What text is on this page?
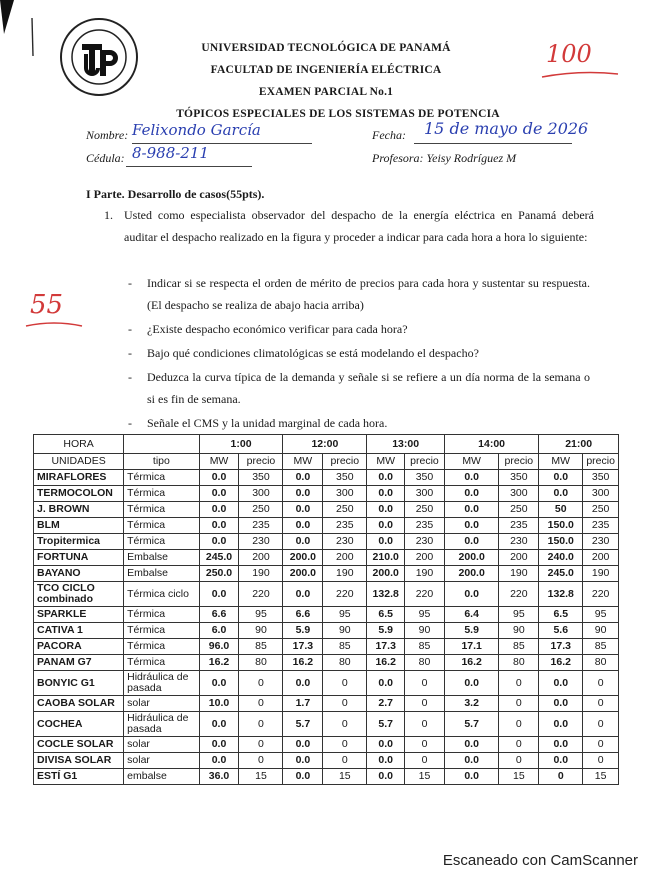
UNIVERSIDAD TECNOLÓGICA DE PANAMÁ
FACULTAD DE INGENIERÍA ELÉCTRICA
EXAMEN PARCIAL No.1
TÓPICOS ESPECIALES DE LOS SISTEMAS DE POTENCIA
100
Nombre: Felixondo García
Cédula: 8-988-211
Fecha: 15 de mayo de 2026
Profesora: Yeisy Rodríguez M
I Parte. Desarrollo de casos(55pts).
1. Usted como especialista observador del despacho de la energía eléctrica en Panamá deberá auditar el despacho realizado en la figura y proceder a indicar para cada hora a hora lo siguiente:
55
- Indicar si se respecta el orden de mérito de precios para cada hora y sustentar su respuesta. (El despacho se realiza de abajo hacia arriba)
- ¿Existe despacho económico verificar para cada hora?
- Bajo qué condiciones climatológicas se está modelando el despacho?
- Deduzca la curva típica de la demanda y señale si se refiere a un día norma de la semana o si es fin de semana.
- Señale el CMS y la unidad marginal de cada hora.
HORA		1:00		12:00		13:00		14:00		21:00	
UNIDADES	tipo	MW	precio	MW	precio	MW	precio	MW	precio	MW	precio
MIRAFLORES	Térmica	0.0	350	0.0	350	0.0	350	0.0	350	0.0	350
TERMOCOLON	Térmica	0.0	300	0.0	300	0.0	300	0.0	300	0.0	300
J. BROWN	Térmica	0.0	250	0.0	250	0.0	250	0.0	250	50	250
BLM	Térmica	0.0	235	0.0	235	0.0	235	0.0	235	150.0	235
Tropitermica	Térmica	0.0	230	0.0	230	0.0	230	0.0	230	150.0	230
FORTUNA	Embalse	245.0	200	200.0	200	210.0	200	200.0	200	240.0	200
BAYANO	Embalse	250.0	190	200.0	190	200.0	190	200.0	190	245.0	190
TCO CICLO combinado	Térmica ciclo	0.0	220	0.0	220	132.8	220	0.0	220	132.8	220
SPARKLE	Térmica	6.6	95	6.6	95	6.5	95	6.4	95	6.5	95
CATIVA 1	Térmica	6.0	90	5.9	90	5.9	90	5.9	90	5.6	90
PACORA	Térmica	96.0	85	17.3	85	17.3	85	17.1	85	17.3	85
PANAM G7	Térmica	16.2	80	16.2	80	16.2	80	16.2	80	16.2	80
BONYIC G1	Hidráulica de pasada	0.0	0	0.0	0	0.0	0	0.0	0	0.0	0
CAOBA SOLAR	solar	10.0	0	1.7	0	2.7	0	3.2	0	0.0	0
COCHEA	Hidráulica de pasada	0.0	0	5.7	0	5.7	0	5.7	0	0.0	0
COCLE SOLAR	solar	0.0	0	0.0	0	0.0	0	0.0	0	0.0	0
DIVISA SOLAR	solar	0.0	0	0.0	0	0.0	0	0.0	0	0.0	0
ESTÍ G1	embalse	36.0	15	0.0	15	0.0	15	0.0	15	0	15
Escaneado con CamScanner
